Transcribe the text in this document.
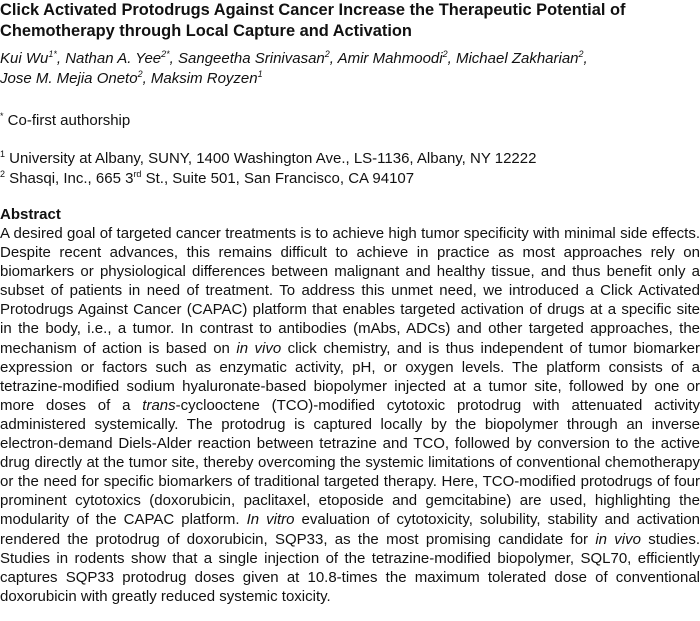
Click Activated Protodrugs Against Cancer Increase the Therapeutic Potential of
Chemotherapy through Local Capture and Activation
Kui $Wu^{1*}$, Nathan A. Yee$^{2*}$, Sangeetha Srinivasan$^2$, Amir Mahmoodi$^2$, Michael Zakharian$^2$,
Jose M. Mejia Oneto$^2$, Maksim Royzen$^1$
* Co-first authorship
$^1$ University at Albany, SUNY, 1400 Washington Ave., LS-1136, Albany, NY 12222
$^2$ Shasqi, Inc., 665 3rd St., Suite 501, San Francisco, CA 94107
Abstract

A desired goal of targeted cancer treatments is to achieve high tumor specificity with minimal side effects. Despite recent advances, this remains difficult to achieve in practice as most approaches rely on biomarkers or physiological differences between malignant and healthy tissue, and thus benefit only a subset of patients in need of treatment. To address this unmet need, we introduced a Click Activated Protodrugs Against Cancer (CAPAC) platform that enables targeted activation of drugs at a specific site in the body, i.e., a tumor. In contrast to antibodies (mAbs, ADCs) and other targeted approaches, the mechanism of action is based on in vivo click chemistry, and is thus independent of tumor biomarker expression or factors such as enzymatic activity, pH, or oxygen levels. The platform consists of a tetrazine-modified sodium hyaluronate-based biopolymer injected at a tumor site, followed by one or more doses of a trans-cyclooctene (TCO)-modified cytotoxic protodrug with attenuated activity administered systemically. The protodrug is captured locally by the biopolymer through an inverse electron-demand Diels-Alder reaction between tetrazine and TCO, followed by conversion to the active drug directly at the tumor site, thereby overcoming the systemic limitations of conventional chemotherapy or the need for specific biomarkers of traditional targeted therapy. Here, TCO-modified protodrugs of four prominent cytotoxics (doxorubicin, paclitaxel, etoposide and gemcitabine) are used, highlighting the modularity of the CAPAC platform. In vitro evaluation of cytotoxicity, solubility, stability and activation rendered the protodrug of doxorubicin, SQP33, as the most promising candidate for in vivo studies. Studies in rodents show that a single injection of the tetrazine-modified biopolymer, SQL70, efficiently captures SQP33 protodrug doses given at 10.8-times the maximum tolerated dose of conventional doxorubicin with greatly reduced systemic toxicity.
